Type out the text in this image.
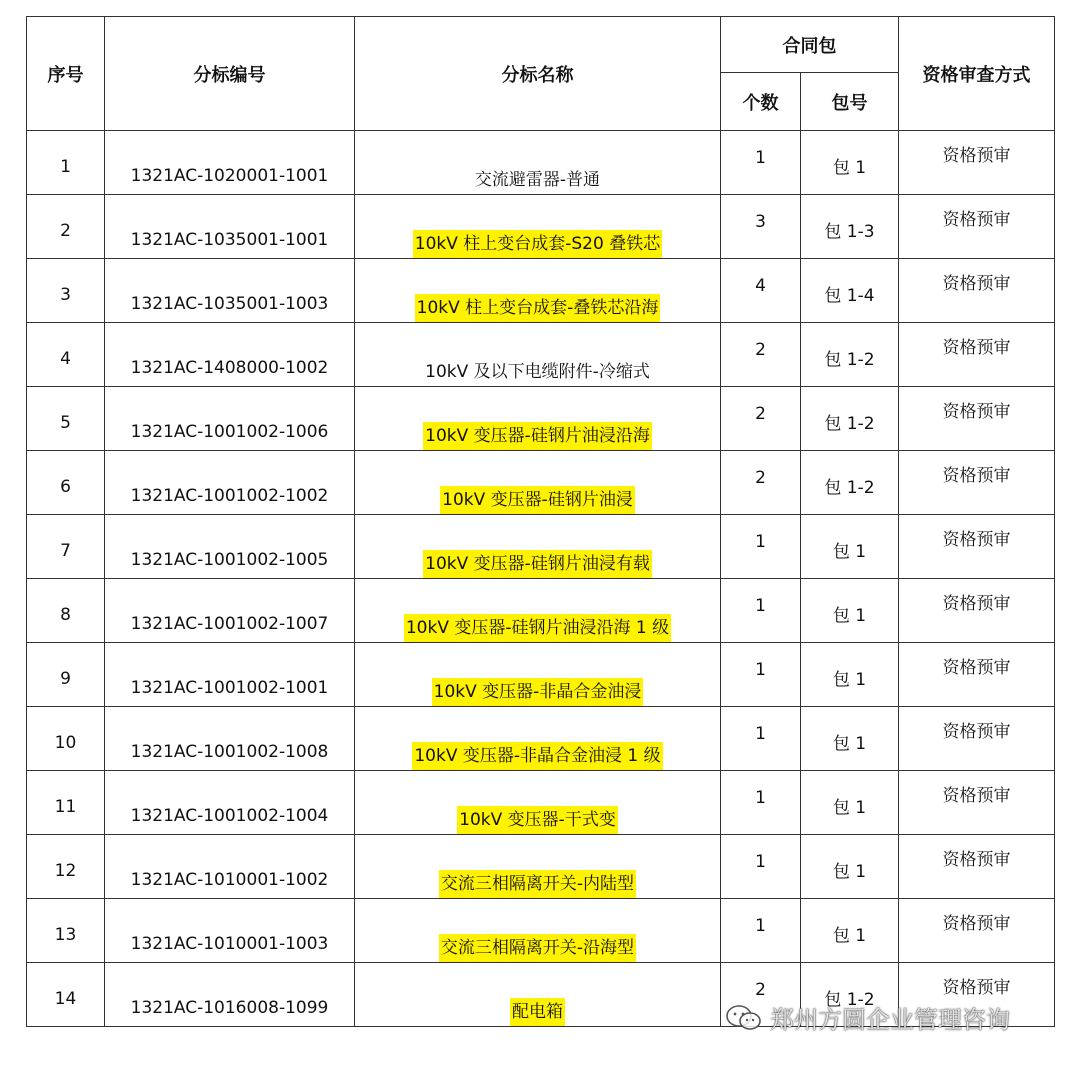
序号	分标编号	分标名称	合同包		资格审查方式
			个数	包号	
1	1321AC-1020001-1001	交流避雷器-普通	1	包 1	资格预审
2	1321AC-1035001-1001	10kV 柱上变台成套-S20 叠铁芯	3	包 1-3	资格预审
3	1321AC-1035001-1003	10kV 柱上变台成套-叠铁芯沿海	4	包 1-4	资格预审
4	1321AC-1408000-1002	10kV 及以下电缆附件-冷缩式	2	包 1-2	资格预审
5	1321AC-1001002-1006	10kV 变压器-硅钢片油浸沿海	2	包 1-2	资格预审
6	1321AC-1001002-1002	10kV 变压器-硅钢片油浸	2	包 1-2	资格预审
7	1321AC-1001002-1005	10kV 变压器-硅钢片油浸有载	1	包 1	资格预审
8	1321AC-1001002-1007	10kV 变压器-硅钢片油浸沿海 1 级	1	包 1	资格预审
9	1321AC-1001002-1001	10kV 变压器-非晶合金油浸	1	包 1	资格预审
10	1321AC-1001002-1008	10kV 变压器-非晶合金油浸 1 级	1	包 1	资格预审
11	1321AC-1001002-1004	10kV 变压器-干式变	1	包 1	资格预审
12	1321AC-1010001-1002	交流三相隔离开关-内陆型	1	包 1	资格预审
13	1321AC-1010001-1003	交流三相隔离开关-沿海型	1	包 1	资格预审
14	1321AC-1016008-1099	配电箱	2	包 1-2	资格预审
郑州方圆企业管理咨询
